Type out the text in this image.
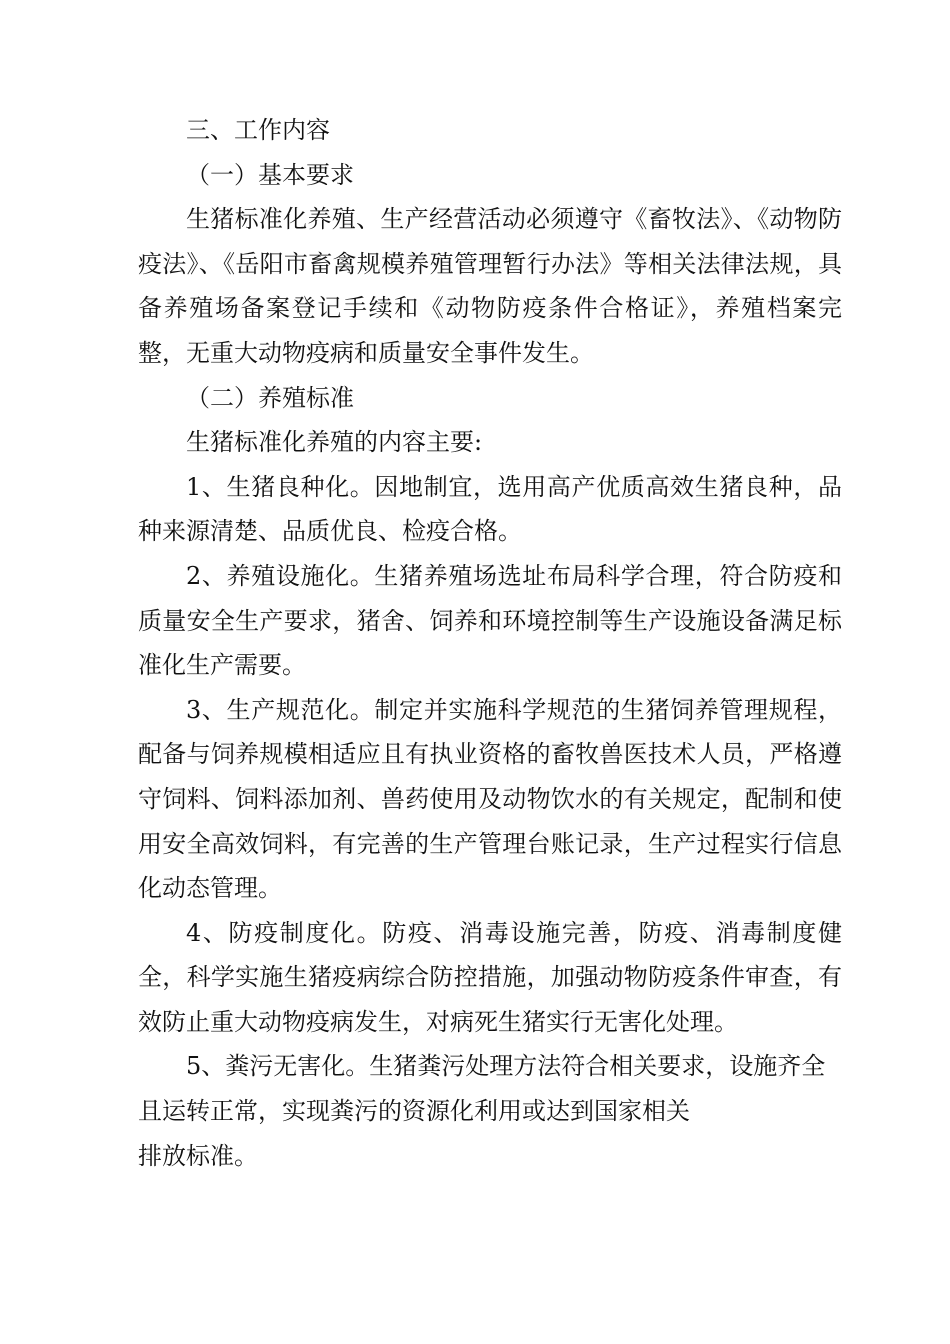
三、工作内容

（一）基本要求

生猪标准化养殖、生产经营活动必须遵守《畜牧法》、《动物防疫法》、《岳阳市畜禽规模养殖管理暂行办法》等相关法律法规，具备养殖场备案登记手续和《动物防疫条件合格证》，养殖档案完整，无重大动物疫病和质量安全事件发生。

（二）养殖标准

生猪标准化养殖的内容主要:

1、生猪良种化。因地制宜，选用高产优质高效生猪良种，品种来源清楚、品质优良、检疫合格。

2、养殖设施化。生猪养殖场选址布局科学合理，符合防疫和质量安全生产要求，猪舍、饲养和环境控制等生产设施设备满足标准化生产需要。

3、生产规范化。制定并实施科学规范的生猪饲养管理规程，配备与饲养规模相适应且有执业资格的畜牧兽医技术人员，严格遵守饲料、饲料添加剂、兽药使用及动物饮水的有关规定，配制和使用安全高效饲料，有完善的生产管理台账记录，生产过程实行信息化动态管理。

4、防疫制度化。防疫、消毒设施完善，防疫、消毒制度健全，科学实施生猪疫病综合防控措施，加强动物防疫条件审查，有效防止重大动物疫病发生，对病死生猪实行无害化处理。

5、粪污无害化。生猪粪污处理方法符合相关要求，设施齐全且运转正常，实现粪污的资源化利用或达到国家相关

排放标准。
